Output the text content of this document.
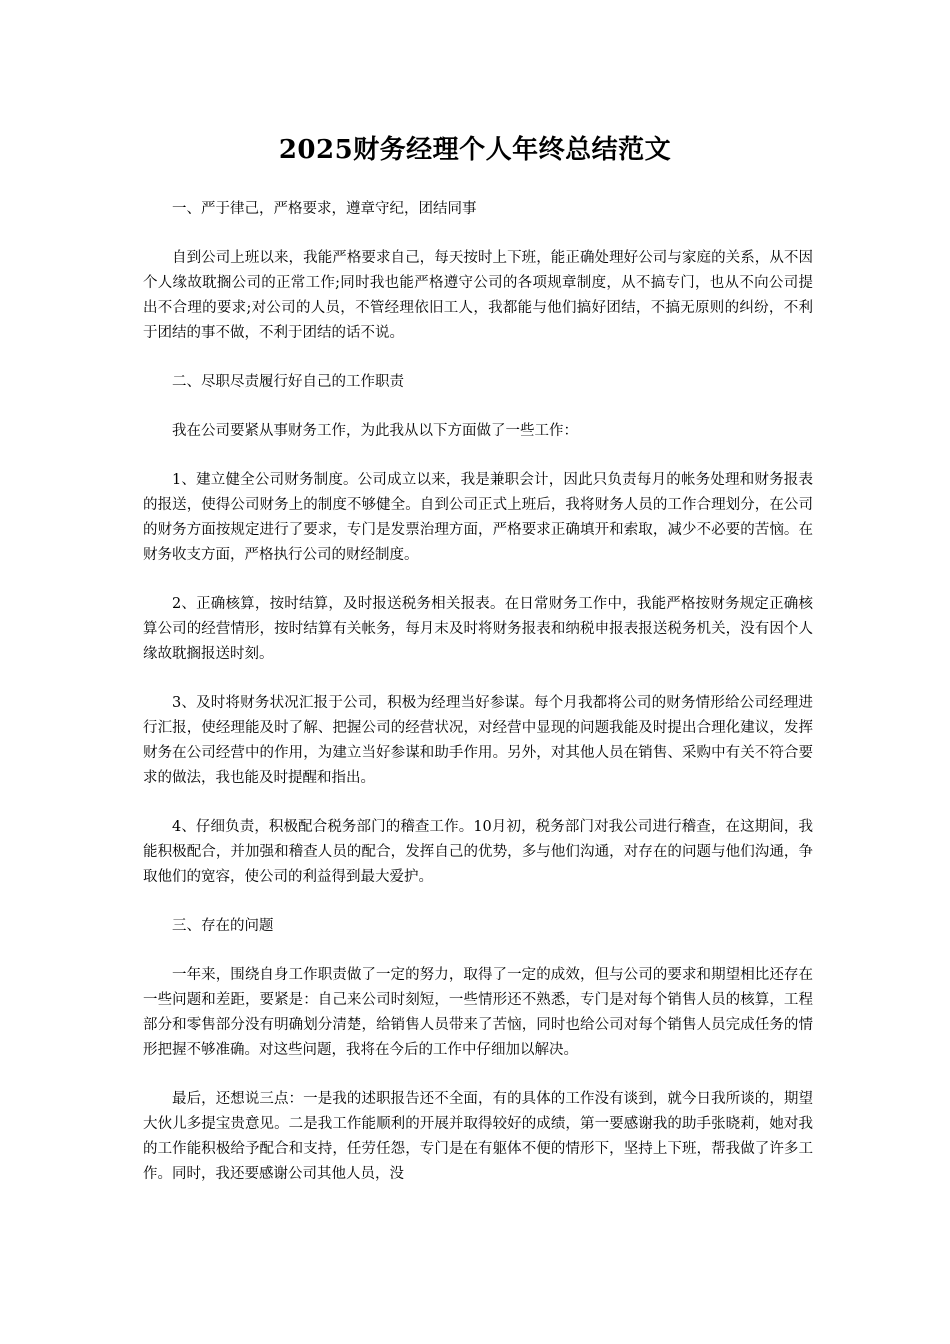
2025财务经理个人年终总结范文

一、严于律己，严格要求，遵章守纪，团结同事

自到公司上班以来，我能严格要求自己，每天按时上下班，能正确处理好公司与家庭的关系，从不因个人缘故耽搁公司的正常工作;同时我也能严格遵守公司的各项规章制度，从不搞专门，也从不向公司提出不合理的要求;对公司的人员，不管经理依旧工人，我都能与他们搞好团结，不搞无原则的纠纷，不利于团结的事不做，不利于团结的话不说。

二、尽职尽责履行好自己的工作职责

我在公司要紧从事财务工作，为此我从以下方面做了一些工作：

1、建立健全公司财务制度。公司成立以来，我是兼职会计，因此只负责每月的帐务处理和财务报表的报送，使得公司财务上的制度不够健全。自到公司正式上班后，我将财务人员的工作合理划分，在公司的财务方面按规定进行了要求，专门是发票治理方面，严格要求正确填开和索取，减少不必要的苦恼。在财务收支方面，严格执行公司的财经制度。

2、正确核算，按时结算，及时报送税务相关报表。在日常财务工作中，我能严格按财务规定正确核算公司的经营情形，按时结算有关帐务，每月末及时将财务报表和纳税申报表报送税务机关，没有因个人缘故耽搁报送时刻。

3、及时将财务状况汇报于公司，积极为经理当好参谋。每个月我都将公司的财务情形给公司经理进行汇报，使经理能及时了解、把握公司的经营状况，对经营中显现的问题我能及时提出合理化建议，发挥财务在公司经营中的作用，为建立当好参谋和助手作用。另外，对其他人员在销售、采购中有关不符合要求的做法，我也能及时提醒和指出。

4、仔细负责，积极配合税务部门的稽查工作。10月初，税务部门对我公司进行稽查，在这期间，我能积极配合，并加强和稽查人员的配合，发挥自己的优势，多与他们沟通，对存在的问题与他们沟通，争取他们的宽容，使公司的利益得到最大爱护。

三、存在的问题

一年来，围绕自身工作职责做了一定的努力，取得了一定的成效，但与公司的要求和期望相比还存在一些问题和差距，要紧是：自己来公司时刻短，一些情形还不熟悉，专门是对每个销售人员的核算，工程部分和零售部分没有明确划分清楚，给销售人员带来了苦恼，同时也给公司对每个销售人员完成任务的情形把握不够准确。对这些问题，我将在今后的工作中仔细加以解决。

最后，还想说三点：一是我的述职报告还不全面，有的具体的工作没有谈到，就今日我所谈的，期望大伙儿多提宝贵意见。二是我工作能顺利的开展并取得较好的成绩，第一要感谢我的助手张晓莉，她对我的工作能积极给予配合和支持，任劳任怨，专门是在有躯体不便的情形下，坚持上下班，帮我做了许多工作。同时，我还要感谢公司其他人员，没
